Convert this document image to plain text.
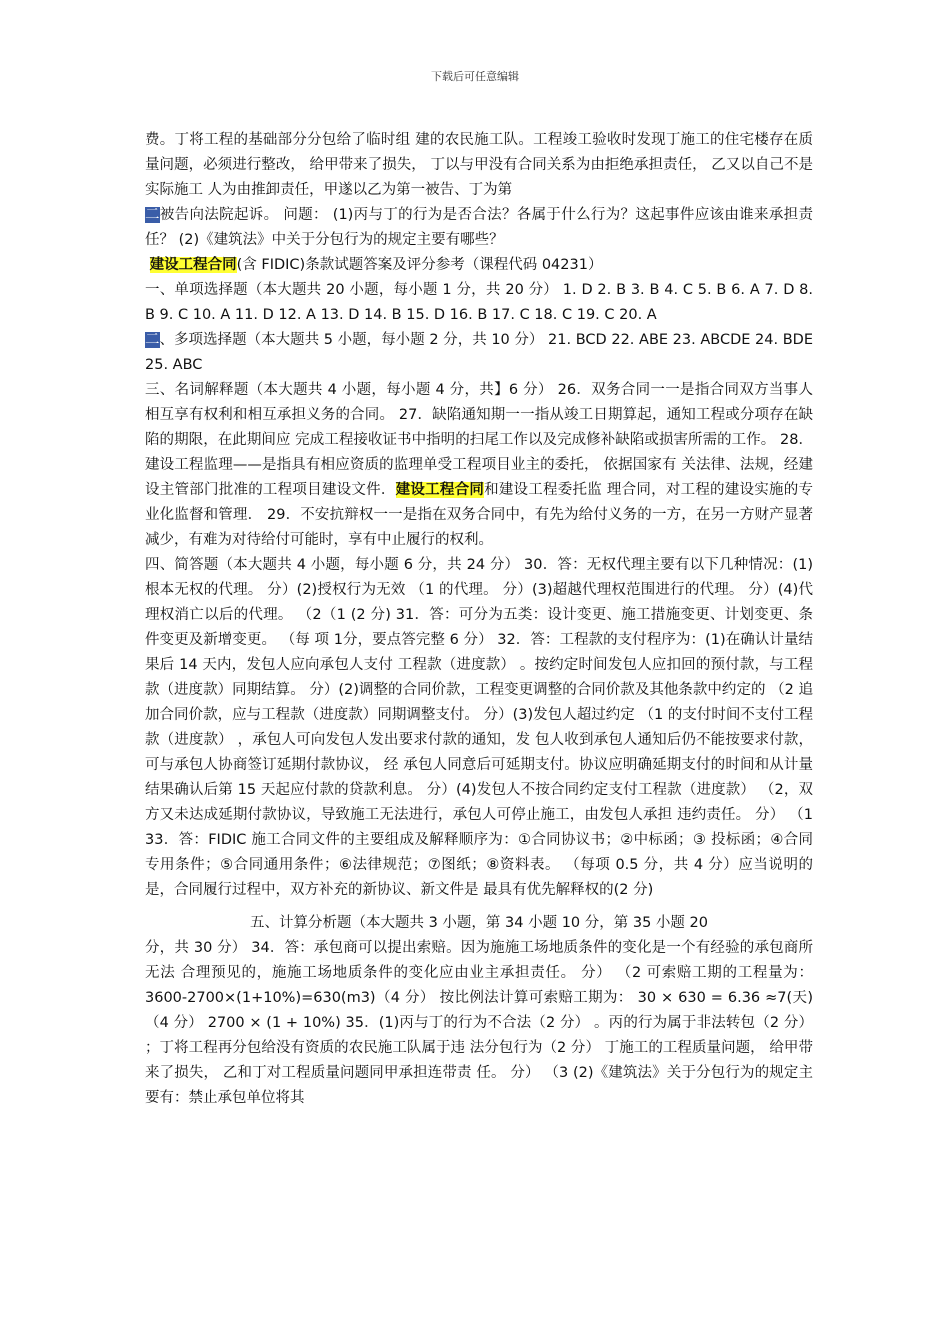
下载后可任意编辑

费。丁将工程的基础部分分包给了临时组 建的农民施工队。工程竣工验收时发现丁施工的住宅楼存在质量问题，必须进行整改， 给甲带来了损失， 丁以与甲没有合同关系为由拒绝承担责任， 乙又以自己不是实际施工 人为由推卸责任，甲遂以乙为第一被告、丁为第

二被告向法院起诉。 问题： (1)丙与丁的行为是否合法？各属于什么行为？这起事件应该由谁来承担责任？ (2)《建筑法》中关于分包行为的规定主要有哪些？

建设工程合同(含 FIDIC)条款试题答案及评分参考（课程代码 04231）

一、单项选择题（本大题共 20 小题，每小题 1 分，共 20 分） 1. D 2. B 3. B 4. C 5. B 6. A 7. D 8. B 9. C 10. A 11. D 12. A 13. D 14. B 15. D 16. B 17. C 18. C 19. C 20. A

二、多项选择题（本大题共 5 小题，每小题 2 分，共 10 分） 21. BCD 22. ABE 23. ABCDE 24. BDE 25. ABC

三、名词解释题（本大题共 4 小题，每小题 4 分，共】6 分） 26．双务合同一一是指合同双方当事人相互享有权利和相互承担义务的合同。 27．缺陷通知期一一指从竣工日期算起，通知工程或分项存在缺陷的期限，在此期间应 完成工程接收证书中指明的扫尾工作以及完成修补缺陷或损害所需的工作。 28． 建设工程监理——是指具有相应资质的监理单受工程项目业主的委托， 依据国家有 关法律、法规，经建设主管部门批准的工程项目建设文件．建设工程合同和建设工程委托监 理合同，对工程的建设实施的专业化监督和管理． 29．不安抗辩权一一是指在双务合同中，有先为给付义务的一方，在另一方财产显著减少，有难为对待给付可能时，享有中止履行的权利。

四、简答题（本大题共 4 小题，每小题 6 分，共 24 分） 30．答：无权代理主要有以下几种情况：(1)根本无权的代理。 分）(2)授权行为无效 （1 的代理。 分）(3)超越代理权范围进行的代理。 分）(4)代理权消亡以后的代理。 （2（1 (2 分) 31．答：可分为五类：设计变更、施工措施变更、计划变更、条件变更及新增变更。 （每 项 1分，要点答完整 6 分） 32．答：工程款的支付程序为：(1)在确认计量结果后 14 天内，发包人应向承包人支付 工程款（进度款） 。按约定时间发包人应扣回的预付款，与工程款（进度款）同期结算。 分）(2)调整的合同价款，工程变更调整的合同价款及其他条款中约定的 （2 追加合同价款，应与工程款（进度款）同期调整支付。 分）(3)发包人超过约定 （1 的支付时间不支付工程款（进度款） ，承包人可向发包人发出要求付款的通知，发 包人收到承包人通知后仍不能按要求付款， 可与承包人协商签订延期付款协议， 经 承包人同意后可延期支付。协议应明确延期支付的时间和从计量结果确认后第 15 天起应付款的贷款利息。 分）(4)发包人不按合同约定支付工程款（进度款） （2，双 方又未达成延期付款协议，导致施工无法进行，承包人可停止施工，由发包人承担 违约责任。 分） （1 33．答：FIDIC 施工合同文件的主要组成及解释顺序为：①合同协议书；②中标函；③ 投标函；④合同专用条件；⑤合同通用条件；⑥法律规范；⑦图纸；⑧资料表。 （每项 0.5 分，共 4 分）应当说明的是，合同履行过程中，双方补充的新协议、新文件是 最具有优先解释权的(2 分)

五、计算分析题（本大题共 3 小题，第 34 小题 10 分，第 35 小题 20

分，共 30 分） 34．答：承包商可以提出索赔。因为施施工场地质条件的变化是一个有经验的承包商所无法 合理预见的，施施工场地质条件的变化应由业主承担责任。 分） （2 可索赔工期的工程量为：3600-2700×(1+10%)=630(m3)（4 分） 按比例法计算可索赔工期为： 30 × 630 = 6.36 ≈7(天)（4 分） 2700 × (1 + 10%) 35．(1)丙与丁的行为不合法（2 分） 。丙的行为属于非法转包（2 分） ；丁将工程再分包给没有资质的农民施工队属于违 法分包行为（2 分） 丁施工的工程质量问题， 给甲带来了损失， 乙和丁对工程质量问题同甲承担连带责 任。 分） （3 (2)《建筑法》关于分包行为的规定主要有：禁止承包单位将其
